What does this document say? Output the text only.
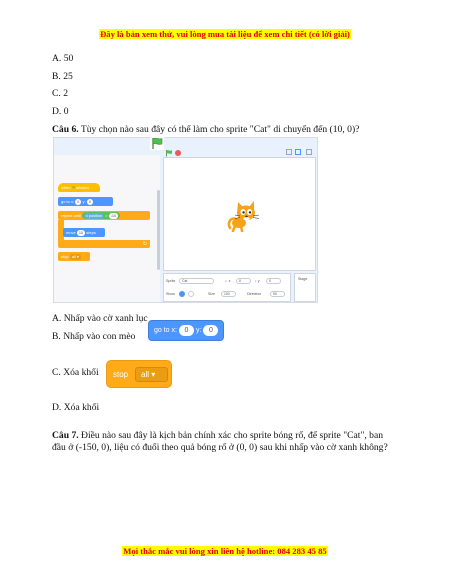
Đây là bản xem thử, vui lòng mua tài liệu để xem chi tiết (có lời giải)
A. 50
B. 25
C. 2
D. 0
Câu 6. Tùy chọn nào sau đây có thể làm cho sprite "Cat" di chuyển đến (10, 0)?
when ⚑ clicked
go to x: 0 y: 0
repeat until x position = -10
move 10 steps
↻
stop all ▾
Sprite	Cat	⇔ x	0	↕ y	0
Show	Size	100	Direction	90
Stage
A. Nhấp vào cờ xanh lục
B. Nhấp vào con mèo
go to x: 0 y: 0
C. Xóa khối stop	all ▾
D. Xóa khối
Câu 7. Điều nào sau đây là kịch bản chính xác cho sprite bóng rổ, để sprite "Cat", ban đầu ở (-150, 0), liệu có đuổi theo quả bóng rổ ở (0, 0) sau khi nhấp vào cờ xanh không?
Mọi thắc mắc vui lòng xin liên hệ hotline: 084 283 45 85
